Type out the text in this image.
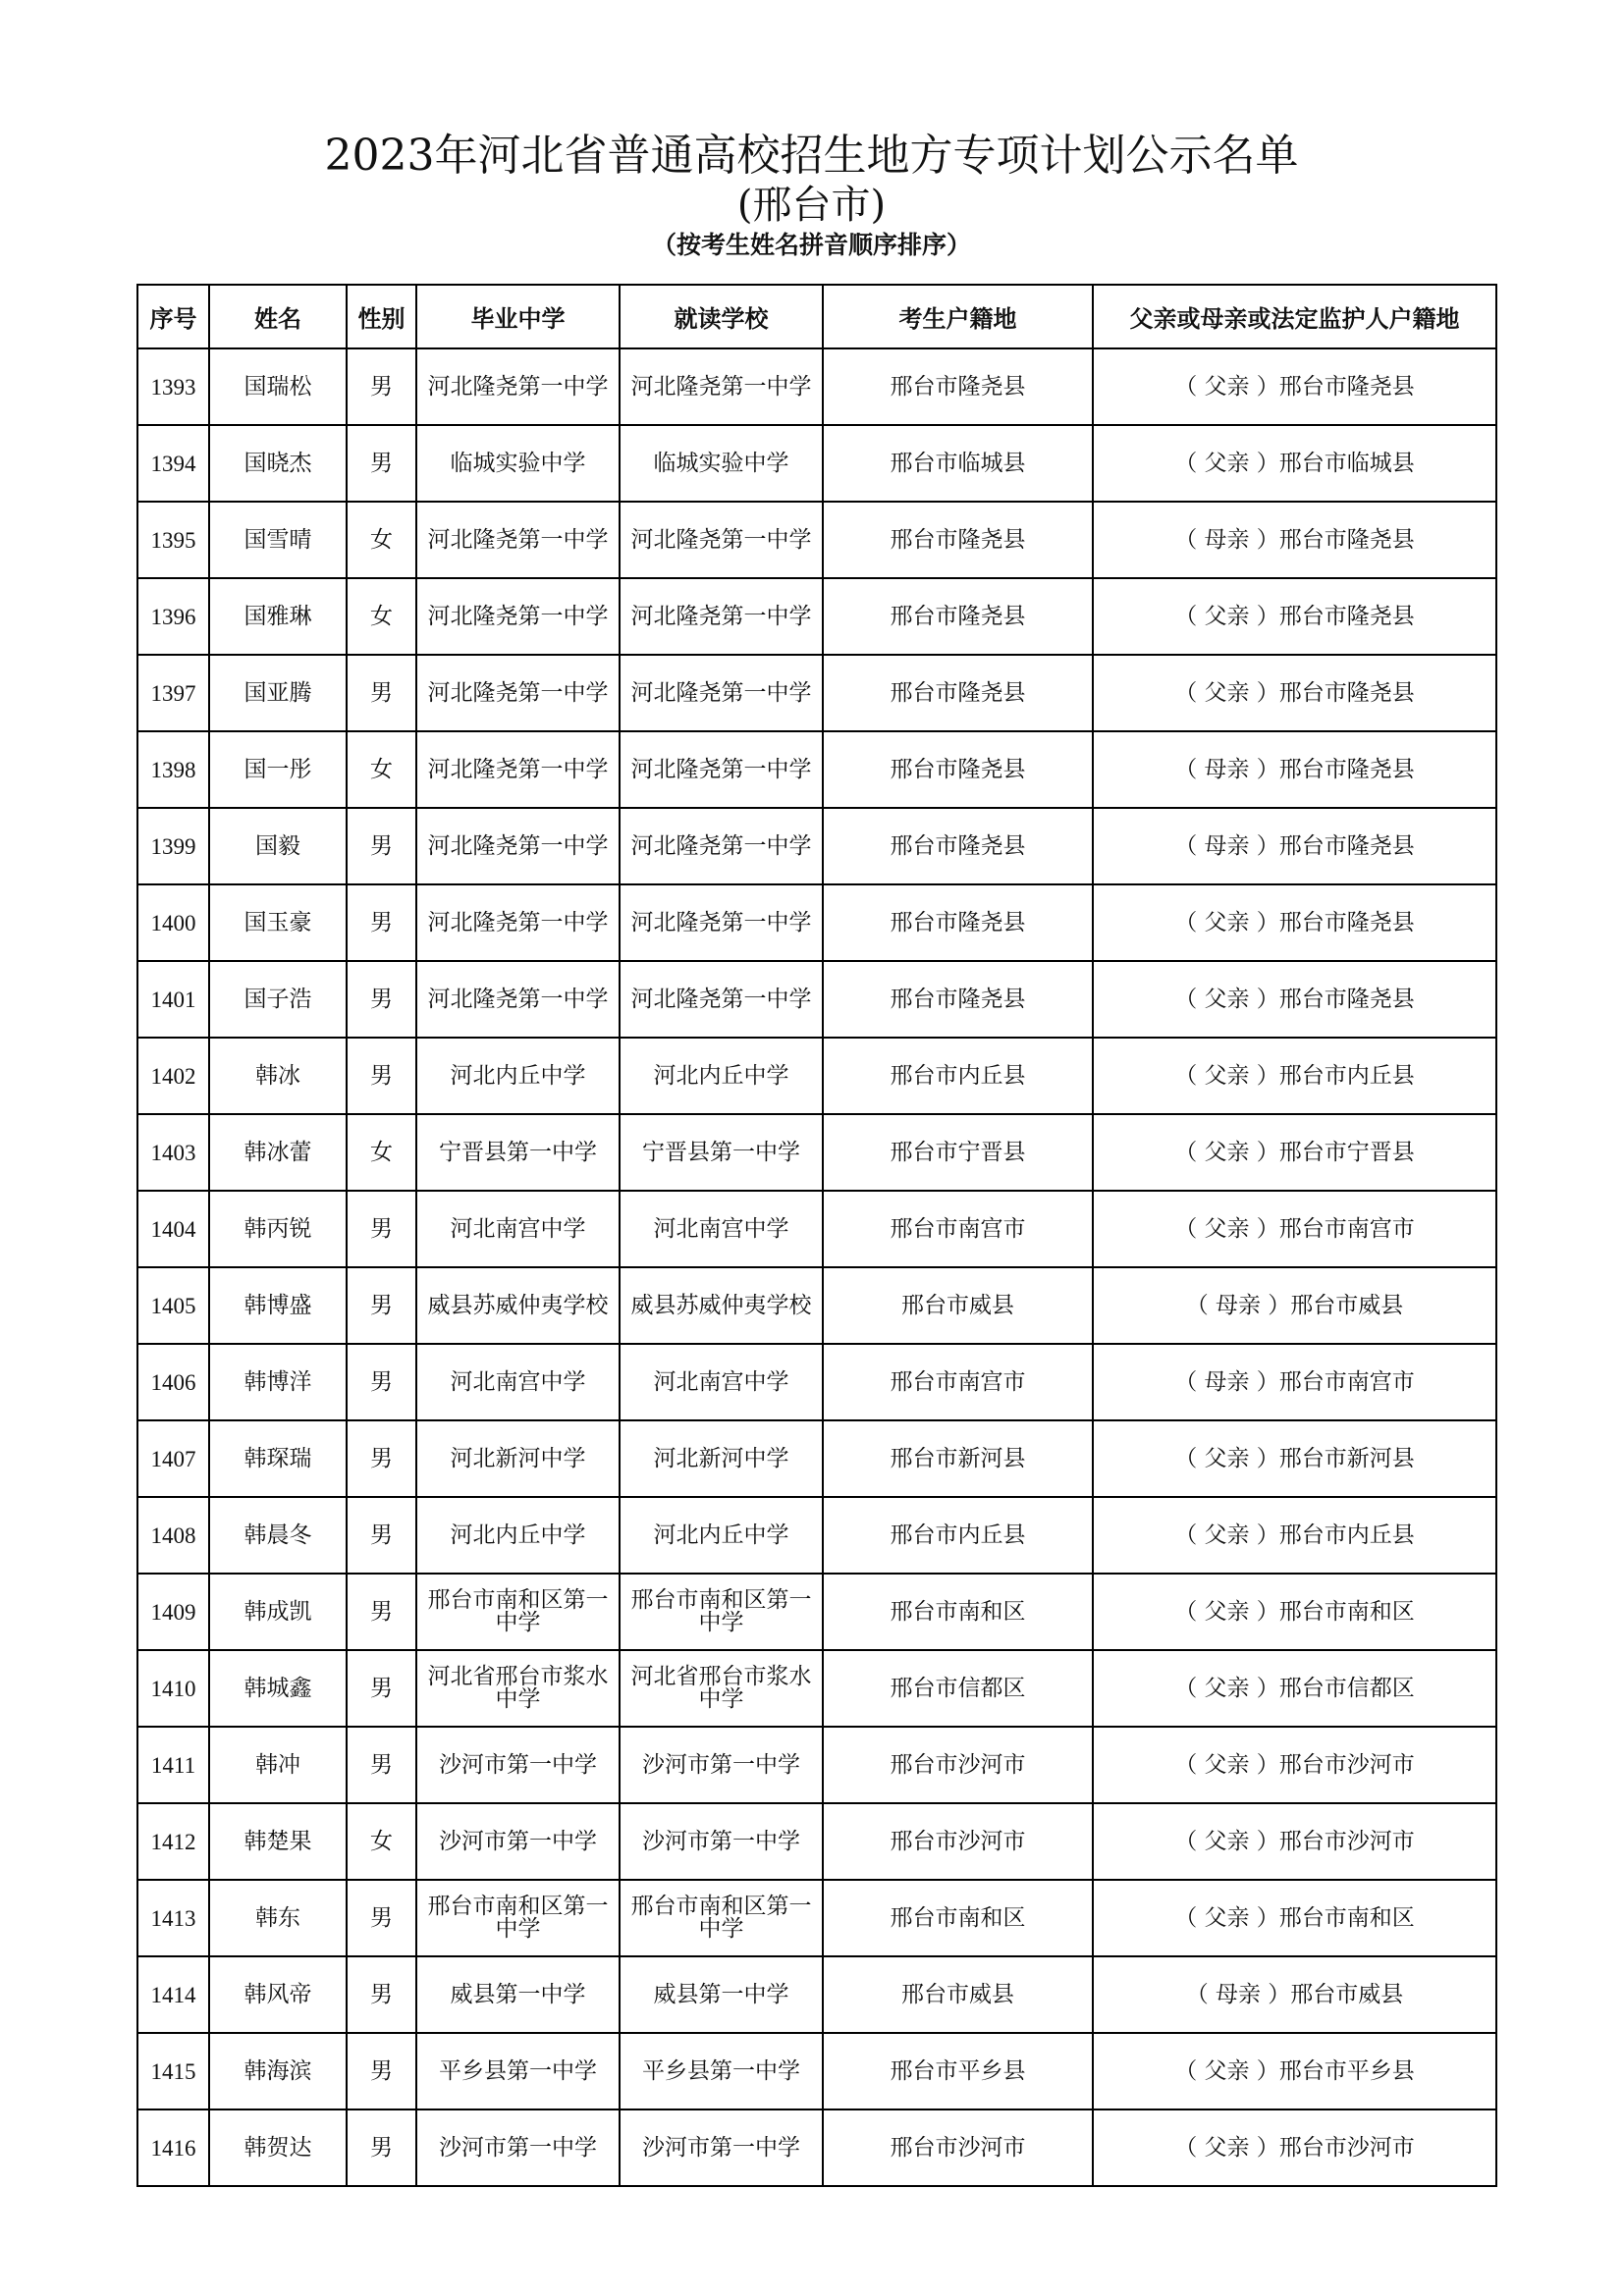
2023年河北省普通高校招生地方专项计划公示名单
(邢台市)
（按考生姓名拼音顺序排序）
序号	姓名	性别	毕业中学	就读学校	考生户籍地	父亲或母亲或法定监护人户籍地
1393	国瑞松	男	河北隆尧第一中学	河北隆尧第一中学	邢台市隆尧县	（ 父亲 ）邢台市隆尧县
1394	国晓杰	男	临城实验中学	临城实验中学	邢台市临城县	（ 父亲 ）邢台市临城县
1395	国雪晴	女	河北隆尧第一中学	河北隆尧第一中学	邢台市隆尧县	（ 母亲 ）邢台市隆尧县
1396	国雅琳	女	河北隆尧第一中学	河北隆尧第一中学	邢台市隆尧县	（ 父亲 ）邢台市隆尧县
1397	国亚腾	男	河北隆尧第一中学	河北隆尧第一中学	邢台市隆尧县	（ 父亲 ）邢台市隆尧县
1398	国一彤	女	河北隆尧第一中学	河北隆尧第一中学	邢台市隆尧县	（ 母亲 ）邢台市隆尧县
1399	国毅	男	河北隆尧第一中学	河北隆尧第一中学	邢台市隆尧县	（ 母亲 ）邢台市隆尧县
1400	国玉豪	男	河北隆尧第一中学	河北隆尧第一中学	邢台市隆尧县	（ 父亲 ）邢台市隆尧县
1401	国子浩	男	河北隆尧第一中学	河北隆尧第一中学	邢台市隆尧县	（ 父亲 ）邢台市隆尧县
1402	韩冰	男	河北内丘中学	河北内丘中学	邢台市内丘县	（ 父亲 ）邢台市内丘县
1403	韩冰蕾	女	宁晋县第一中学	宁晋县第一中学	邢台市宁晋县	（ 父亲 ）邢台市宁晋县
1404	韩丙锐	男	河北南宫中学	河北南宫中学	邢台市南宫市	（ 父亲 ）邢台市南宫市
1405	韩博盛	男	威县苏威仲夷学校	威县苏威仲夷学校	邢台市威县	（ 母亲 ）邢台市威县
1406	韩博洋	男	河北南宫中学	河北南宫中学	邢台市南宫市	（ 母亲 ）邢台市南宫市
1407	韩琛瑞	男	河北新河中学	河北新河中学	邢台市新河县	（ 父亲 ）邢台市新河县
1408	韩晨冬	男	河北内丘中学	河北内丘中学	邢台市内丘县	（ 父亲 ）邢台市内丘县
1409	韩成凯	男	邢台市南和区第一中学	邢台市南和区第一中学	邢台市南和区	（ 父亲 ）邢台市南和区
1410	韩城鑫	男	河北省邢台市浆水中学	河北省邢台市浆水中学	邢台市信都区	（ 父亲 ）邢台市信都区
1411	韩冲	男	沙河市第一中学	沙河市第一中学	邢台市沙河市	（ 父亲 ）邢台市沙河市
1412	韩楚果	女	沙河市第一中学	沙河市第一中学	邢台市沙河市	（ 父亲 ）邢台市沙河市
1413	韩东	男	邢台市南和区第一中学	邢台市南和区第一中学	邢台市南和区	（ 父亲 ）邢台市南和区
1414	韩风帝	男	威县第一中学	威县第一中学	邢台市威县	（ 母亲 ）邢台市威县
1415	韩海滨	男	平乡县第一中学	平乡县第一中学	邢台市平乡县	（ 父亲 ）邢台市平乡县
1416	韩贺达	男	沙河市第一中学	沙河市第一中学	邢台市沙河市	（ 父亲 ）邢台市沙河市
